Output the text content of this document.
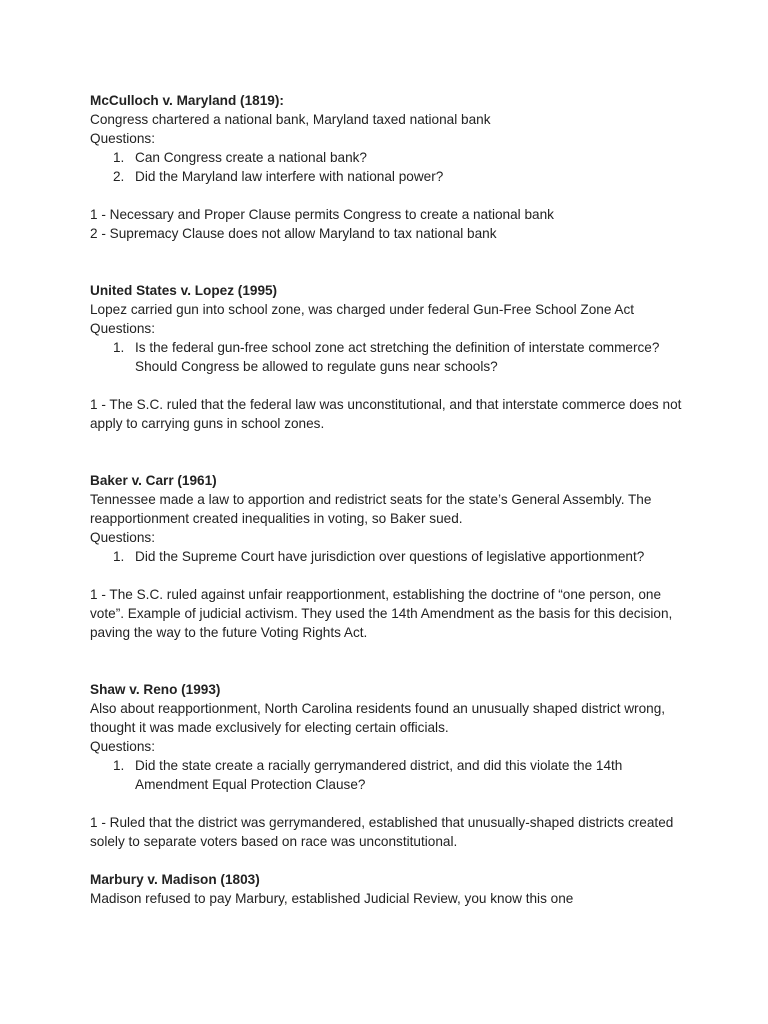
McCulloch v. Maryland (1819):

Congress chartered a national bank, Maryland taxed national bank

Questions:

1. Can Congress create a national bank?
2. Did the Maryland law interfere with national power?

1 - Necessary and Proper Clause permits Congress to create a national bank

2 - Supremacy Clause does not allow Maryland to tax national bank

United States v. Lopez (1995)

Lopez carried gun into school zone, was charged under federal Gun-Free School Zone Act

Questions:

1. Is the federal gun-free school zone act stretching the definition of interstate commerce? Should Congress be allowed to regulate guns near schools?

1 - The S.C. ruled that the federal law was unconstitutional, and that interstate commerce does not apply to carrying guns in school zones.

Baker v. Carr (1961)

Tennessee made a law to apportion and redistrict seats for the state’s General Assembly. The reapportionment created inequalities in voting, so Baker sued.

Questions:

1. Did the Supreme Court have jurisdiction over questions of legislative apportionment?

1 - The S.C. ruled against unfair reapportionment, establishing the doctrine of “one person, one vote”. Example of judicial activism. They used the 14th Amendment as the basis for this decision, paving the way to the future Voting Rights Act.

Shaw v. Reno (1993)

Also about reapportionment, North Carolina residents found an unusually shaped district wrong, thought it was made exclusively for electing certain officials.

Questions:

1. Did the state create a racially gerrymandered district, and did this violate the 14th Amendment Equal Protection Clause?

1 - Ruled that the district was gerrymandered, established that unusually-shaped districts created solely to separate voters based on race was unconstitutional.

Marbury v. Madison (1803)

Madison refused to pay Marbury, established Judicial Review, you know this one
